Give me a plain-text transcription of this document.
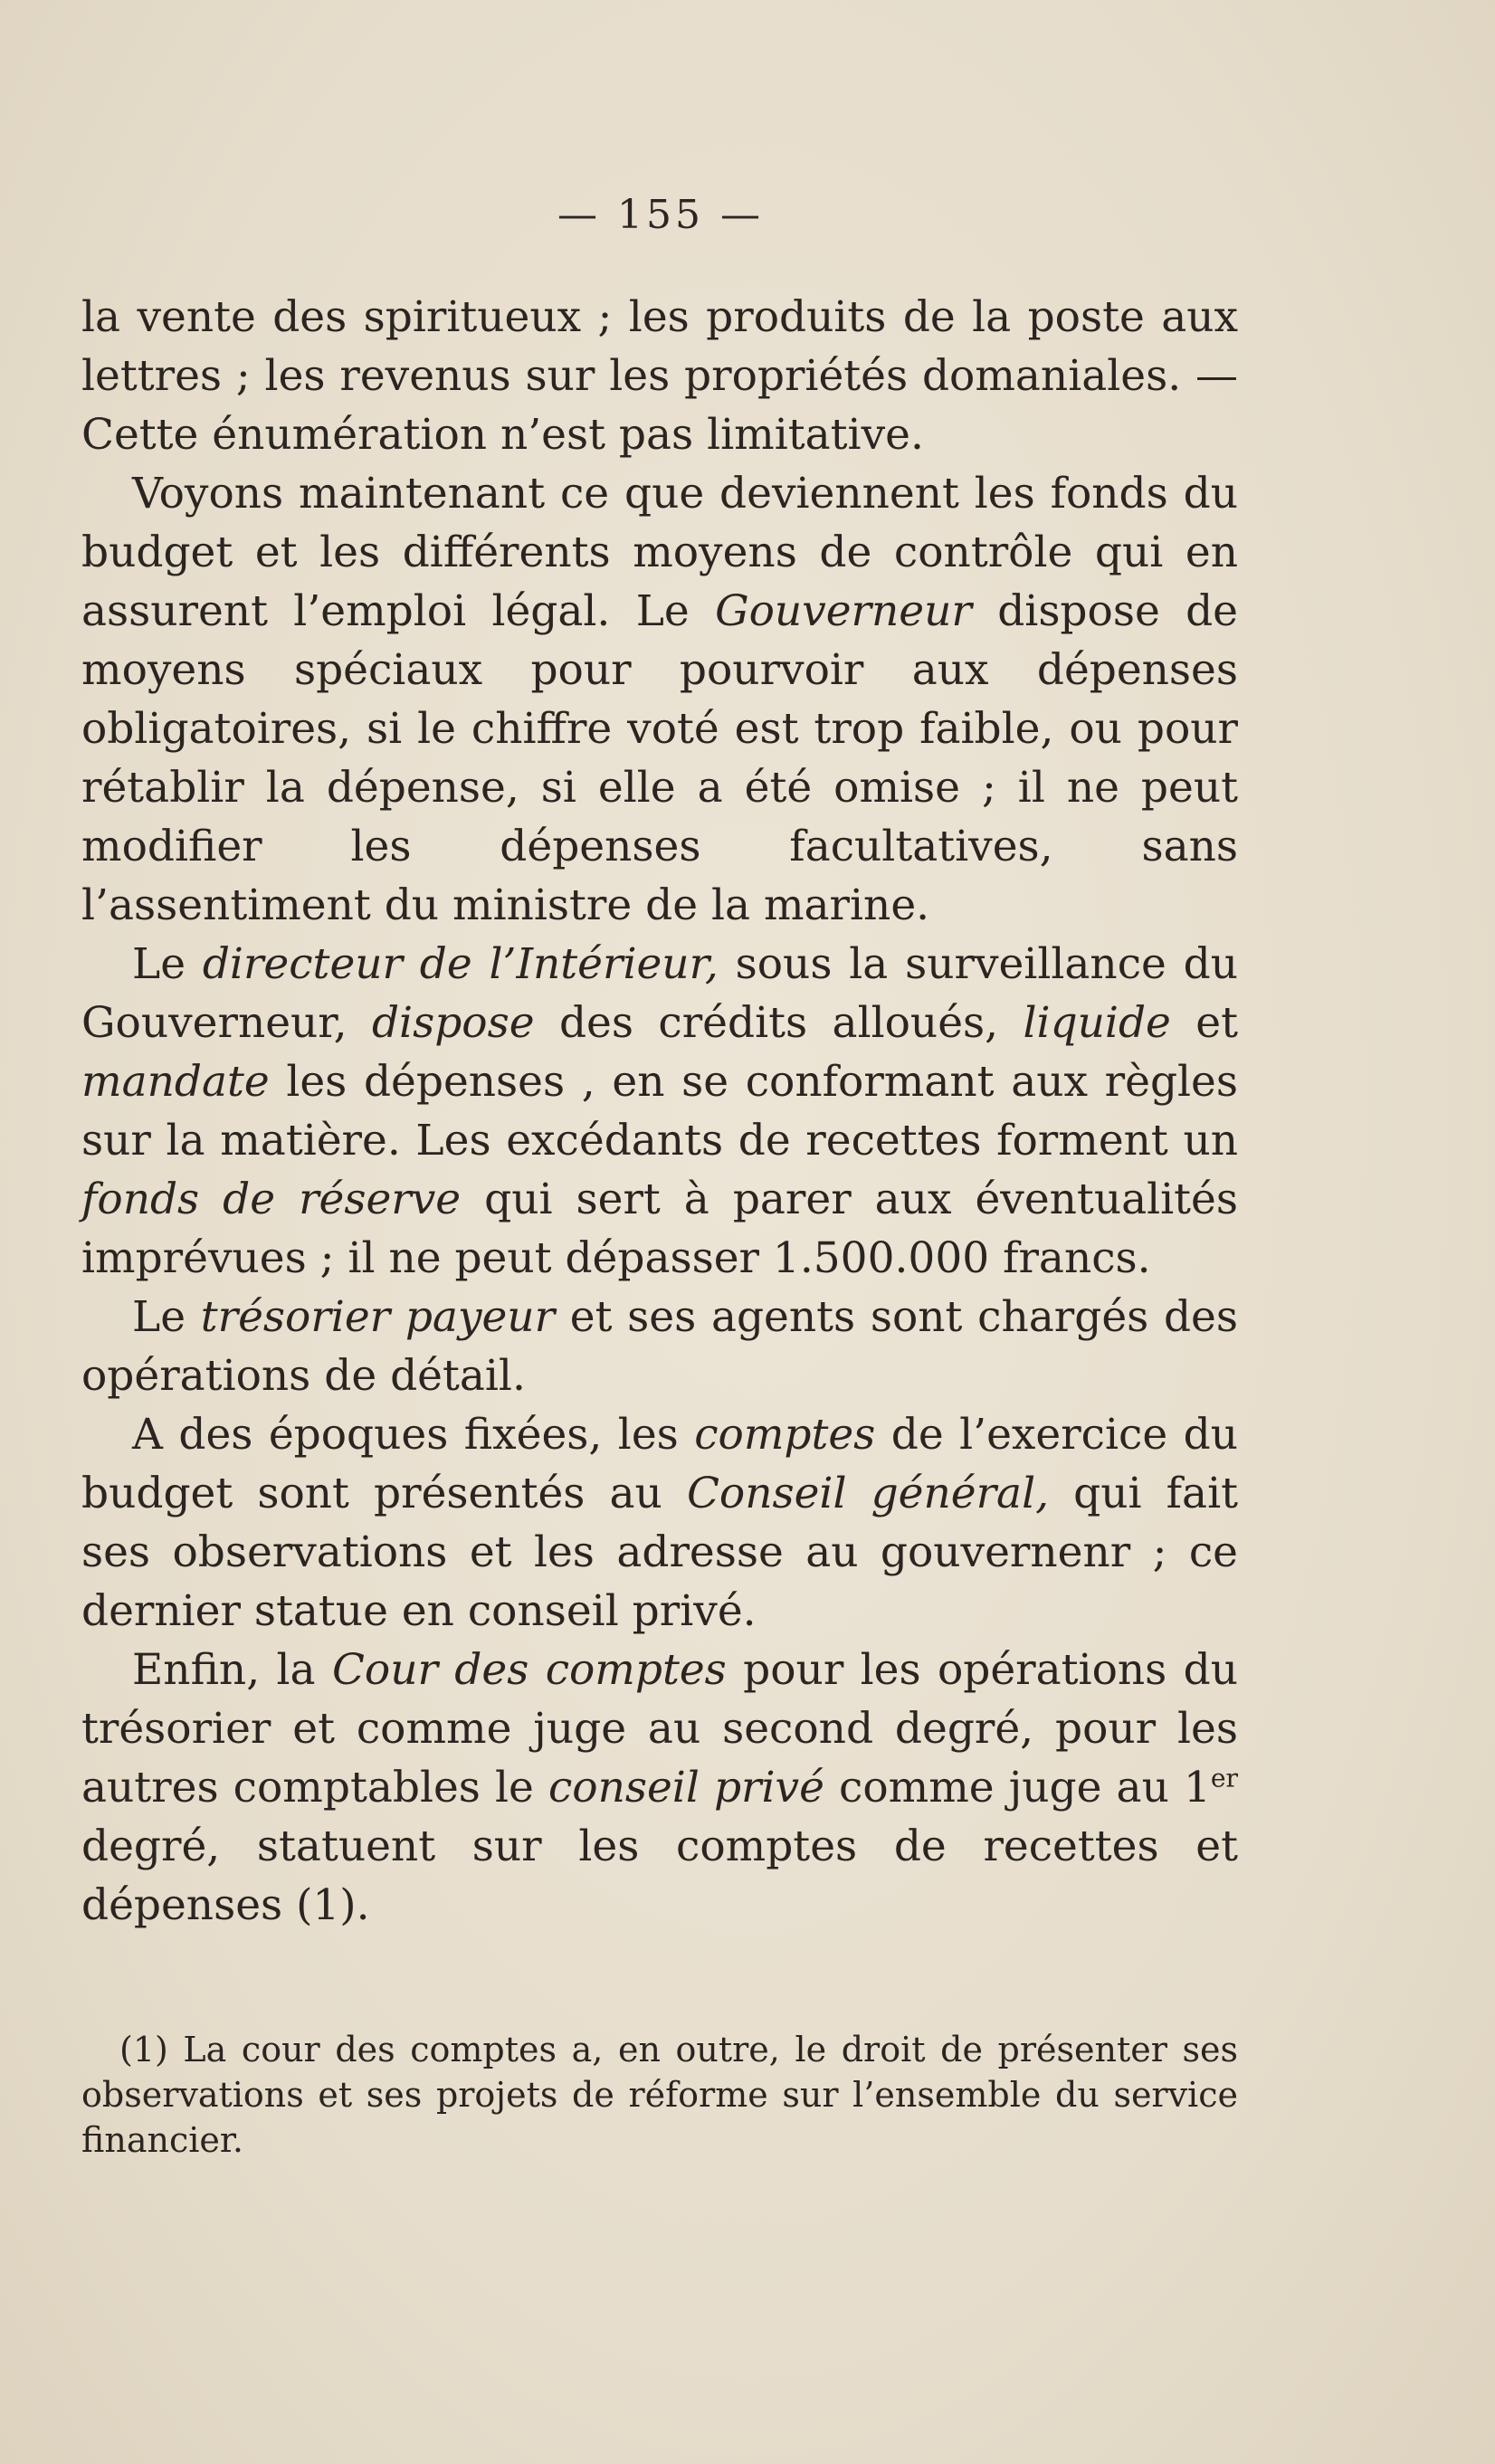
— 155 —

la vente des spiritueux ; les produits de la poste aux lettres ; les revenus sur les propriétés domaniales. — Cette énumération n’est pas limitative.

Voyons maintenant ce que deviennent les fonds du budget et les différents moyens de contrôle qui en assurent l’emploi légal. Le Gouverneur dispose de moyens spéciaux pour pourvoir aux dépenses obligatoires, si le chiffre voté est trop faible, ou pour rétablir la dépense, si elle a été omise ; il ne peut modifier les dépenses facultatives, sans l’assentiment du ministre de la marine.

Le directeur de l’Intérieur, sous la surveillance du Gouverneur, dispose des crédits alloués, liquide et mandate les dépenses , en se conformant aux règles sur la matière. Les excédants de recettes forment un fonds de réserve qui sert à parer aux éventualités imprévues ; il ne peut dépasser 1.500.000 francs.

Le trésorier payeur et ses agents sont chargés des opérations de détail.

A des époques fixées, les comptes de l’exercice du budget sont présentés au Conseil général, qui fait ses observations et les adresse au gouvernenr ; ce dernier statue en conseil privé.

Enfin, la Cour des comptes pour les opérations du trésorier et comme juge au second degré, pour les autres comptables le conseil privé comme juge au 1er degré, statuent sur les comptes de recettes et dépenses (1).

(1) La cour des comptes a, en outre, le droit de présenter ses observations et ses projets de réforme sur l’ensemble du service financier.
